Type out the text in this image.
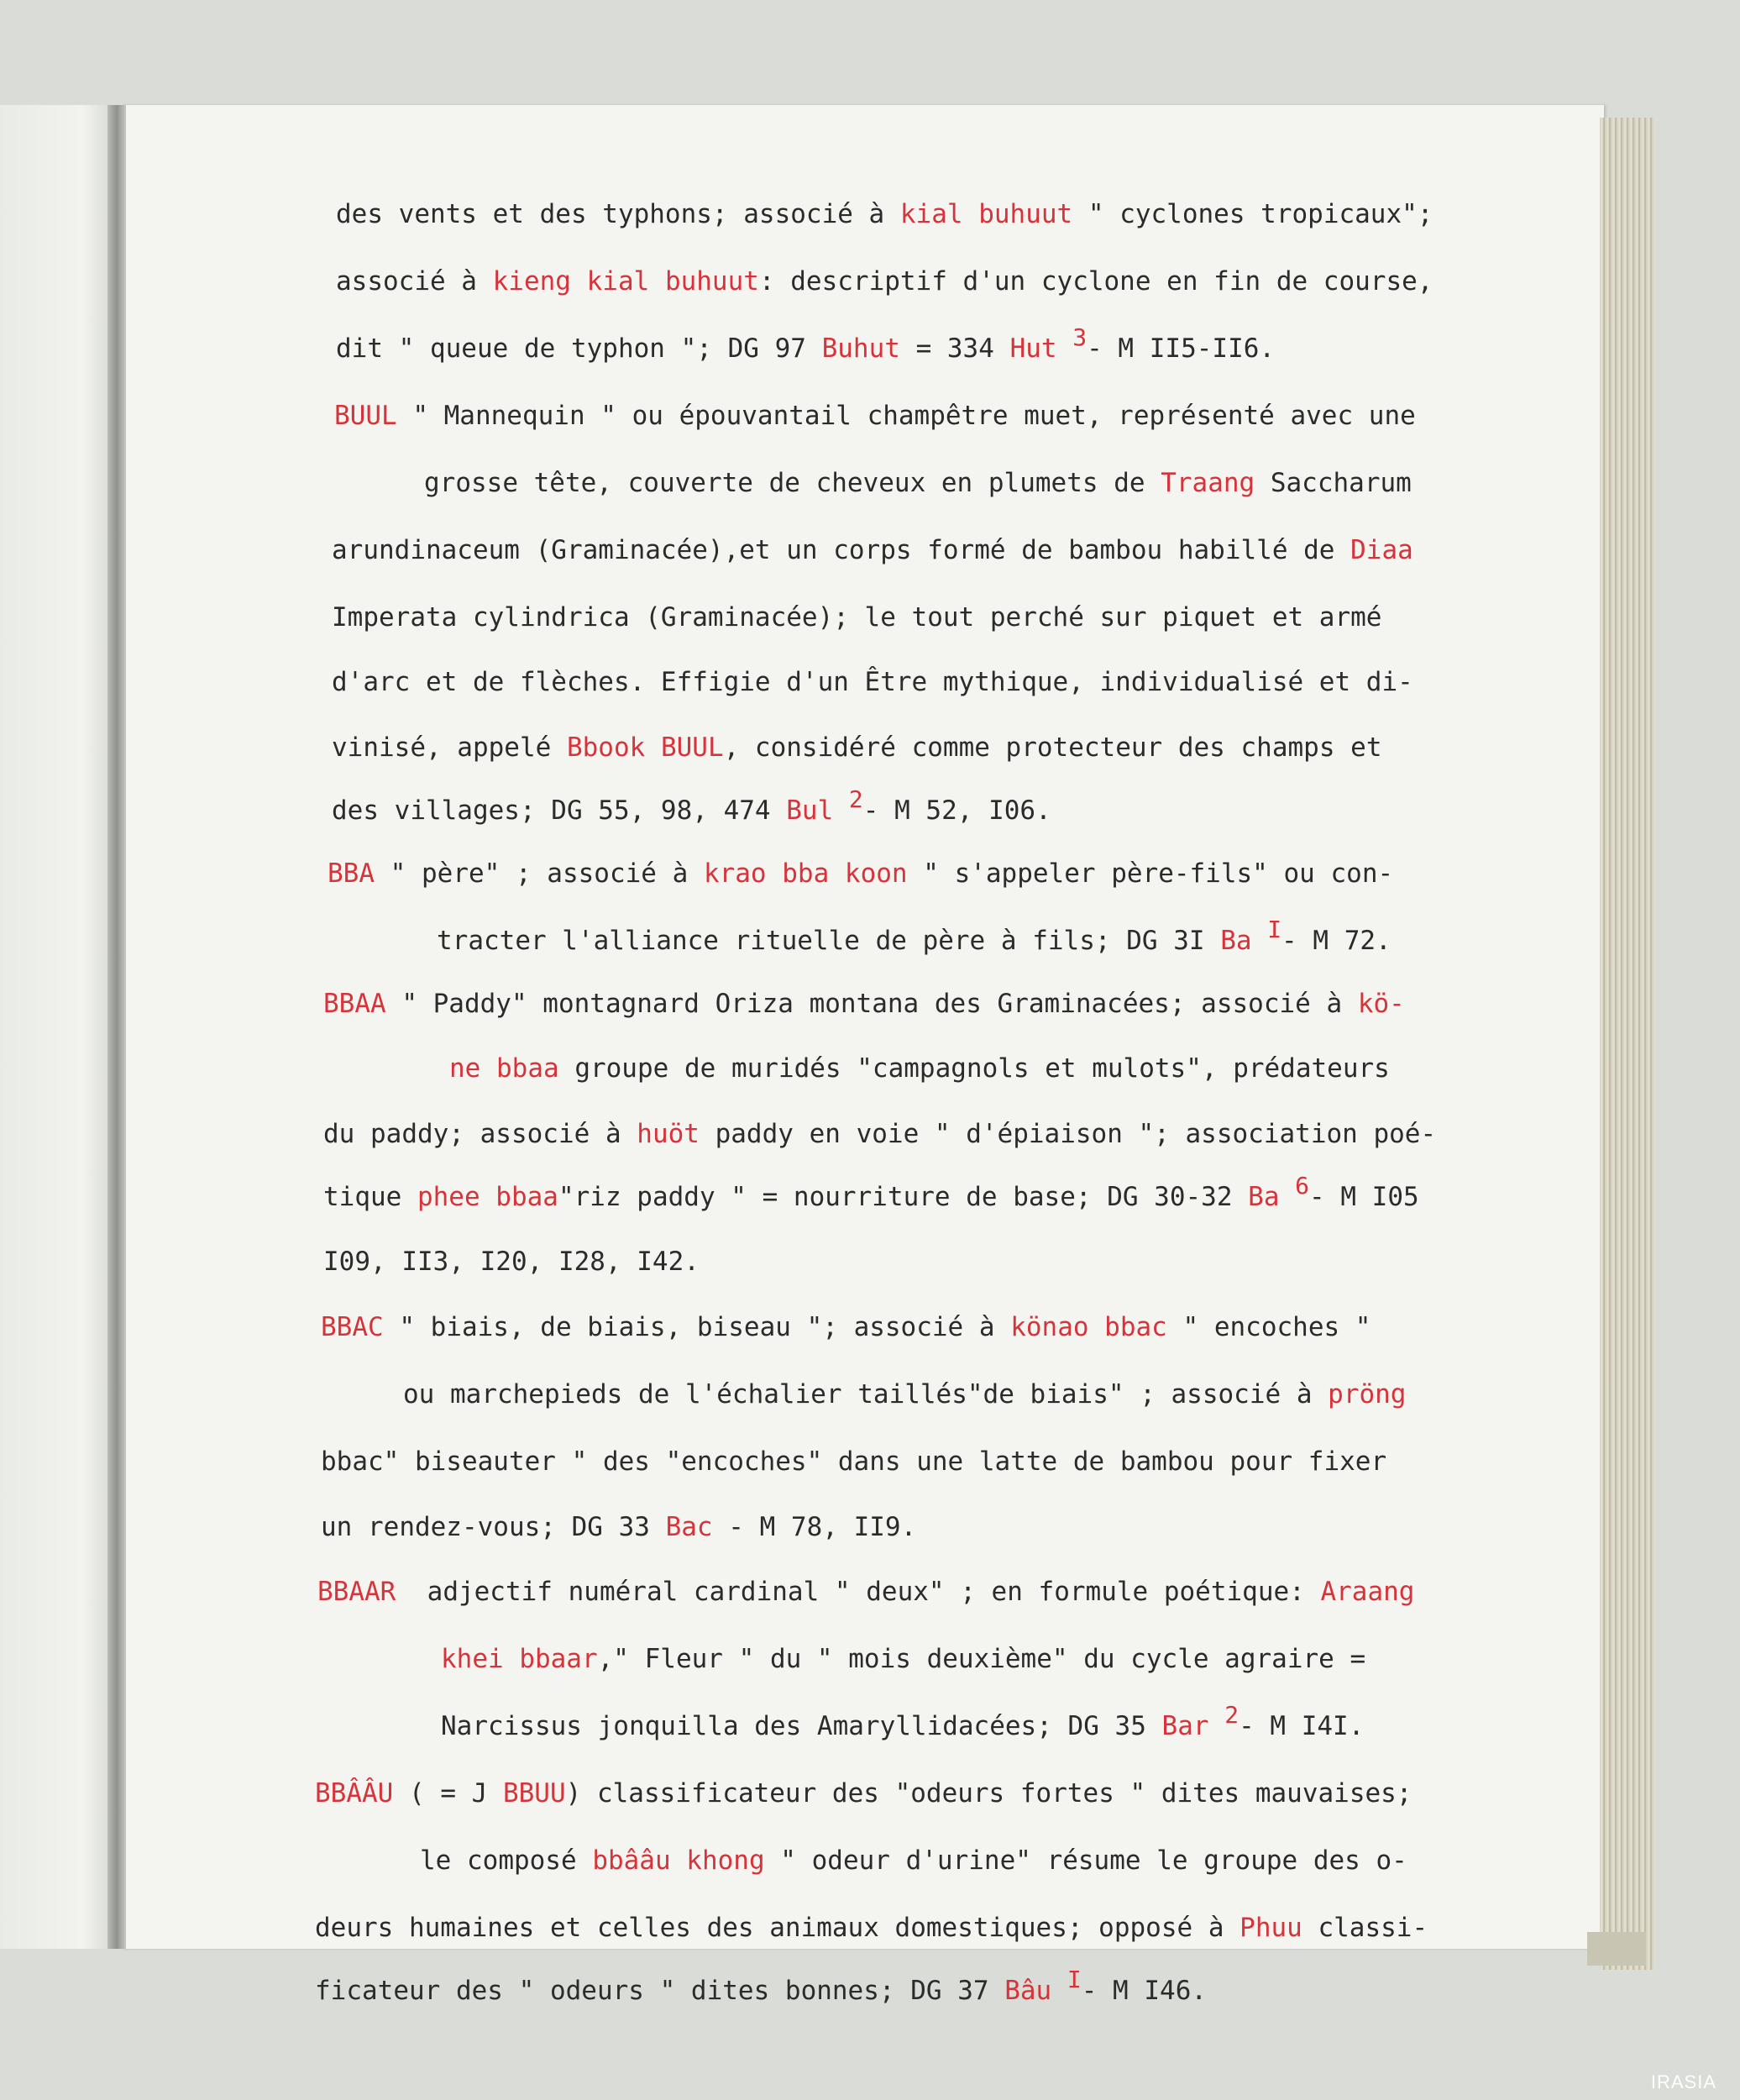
des vents et des typhons; associé à kial buhuut " cyclones tropicaux";
associé à kieng kial buhuut: descriptif d'un cyclone en fin de course,
dit " queue de typhon "; DG 97 Buhut = 334 Hut 3- M II5-II6.
BUUL " Mannequin " ou épouvantail champêtre muet, représenté avec une
grosse tête, couverte de cheveux en plumets de Traang Saccharum
arundinaceum (Graminacée),et un corps formé de bambou habillé de Diaa
Imperata cylindrica (Graminacée); le tout perché sur piquet et armé
d'arc et de flèches. Effigie d'un Être mythique, individualisé et di-
vinisé, appelé Bbook BUUL, considéré comme protecteur des champs et
des villages; DG 55, 98, 474 Bul 2- M 52, I06.
BBA " père" ; associé à krao bba koon " s'appeler père-fils" ou con-
tracter l'alliance rituelle de père à fils; DG 3I Ba I- M 72.
BBAA " Paddy" montagnard Oriza montana des Graminacées; associé à kö-
ne bbaa groupe de muridés "campagnols et mulots", prédateurs
du paddy; associé à huöt paddy en voie " d'épiaison "; association poé-
tique phee bbaa"riz paddy " = nourriture de base; DG 30-32 Ba 6- M I05
I09, II3, I20, I28, I42.
BBAC " biais, de biais, biseau "; associé à könao bbac " encoches "
ou marchepieds de l'échalier taillés"de biais" ; associé à pröng
bbac" biseauter " des "encoches" dans une latte de bambou pour fixer
un rendez-vous; DG 33 Bac - M 78, II9.
BBAAR  adjectif numéral cardinal " deux" ; en formule poétique: Araang
khei bbaar," Fleur " du " mois deuxième" du cycle agraire =
Narcissus jonquilla des Amaryllidacées; DG 35 Bar 2- M I4I.
BBÂÂU ( = J BBUU) classificateur des "odeurs fortes " dites mauvaises;
le composé bbââu khong " odeur d'urine" résume le groupe des o-
deurs humaines et celles des animaux domestiques; opposé à Phuu classi-
ficateur des " odeurs " dites bonnes; DG 37 Bâu I- M I46.
IRASIA
